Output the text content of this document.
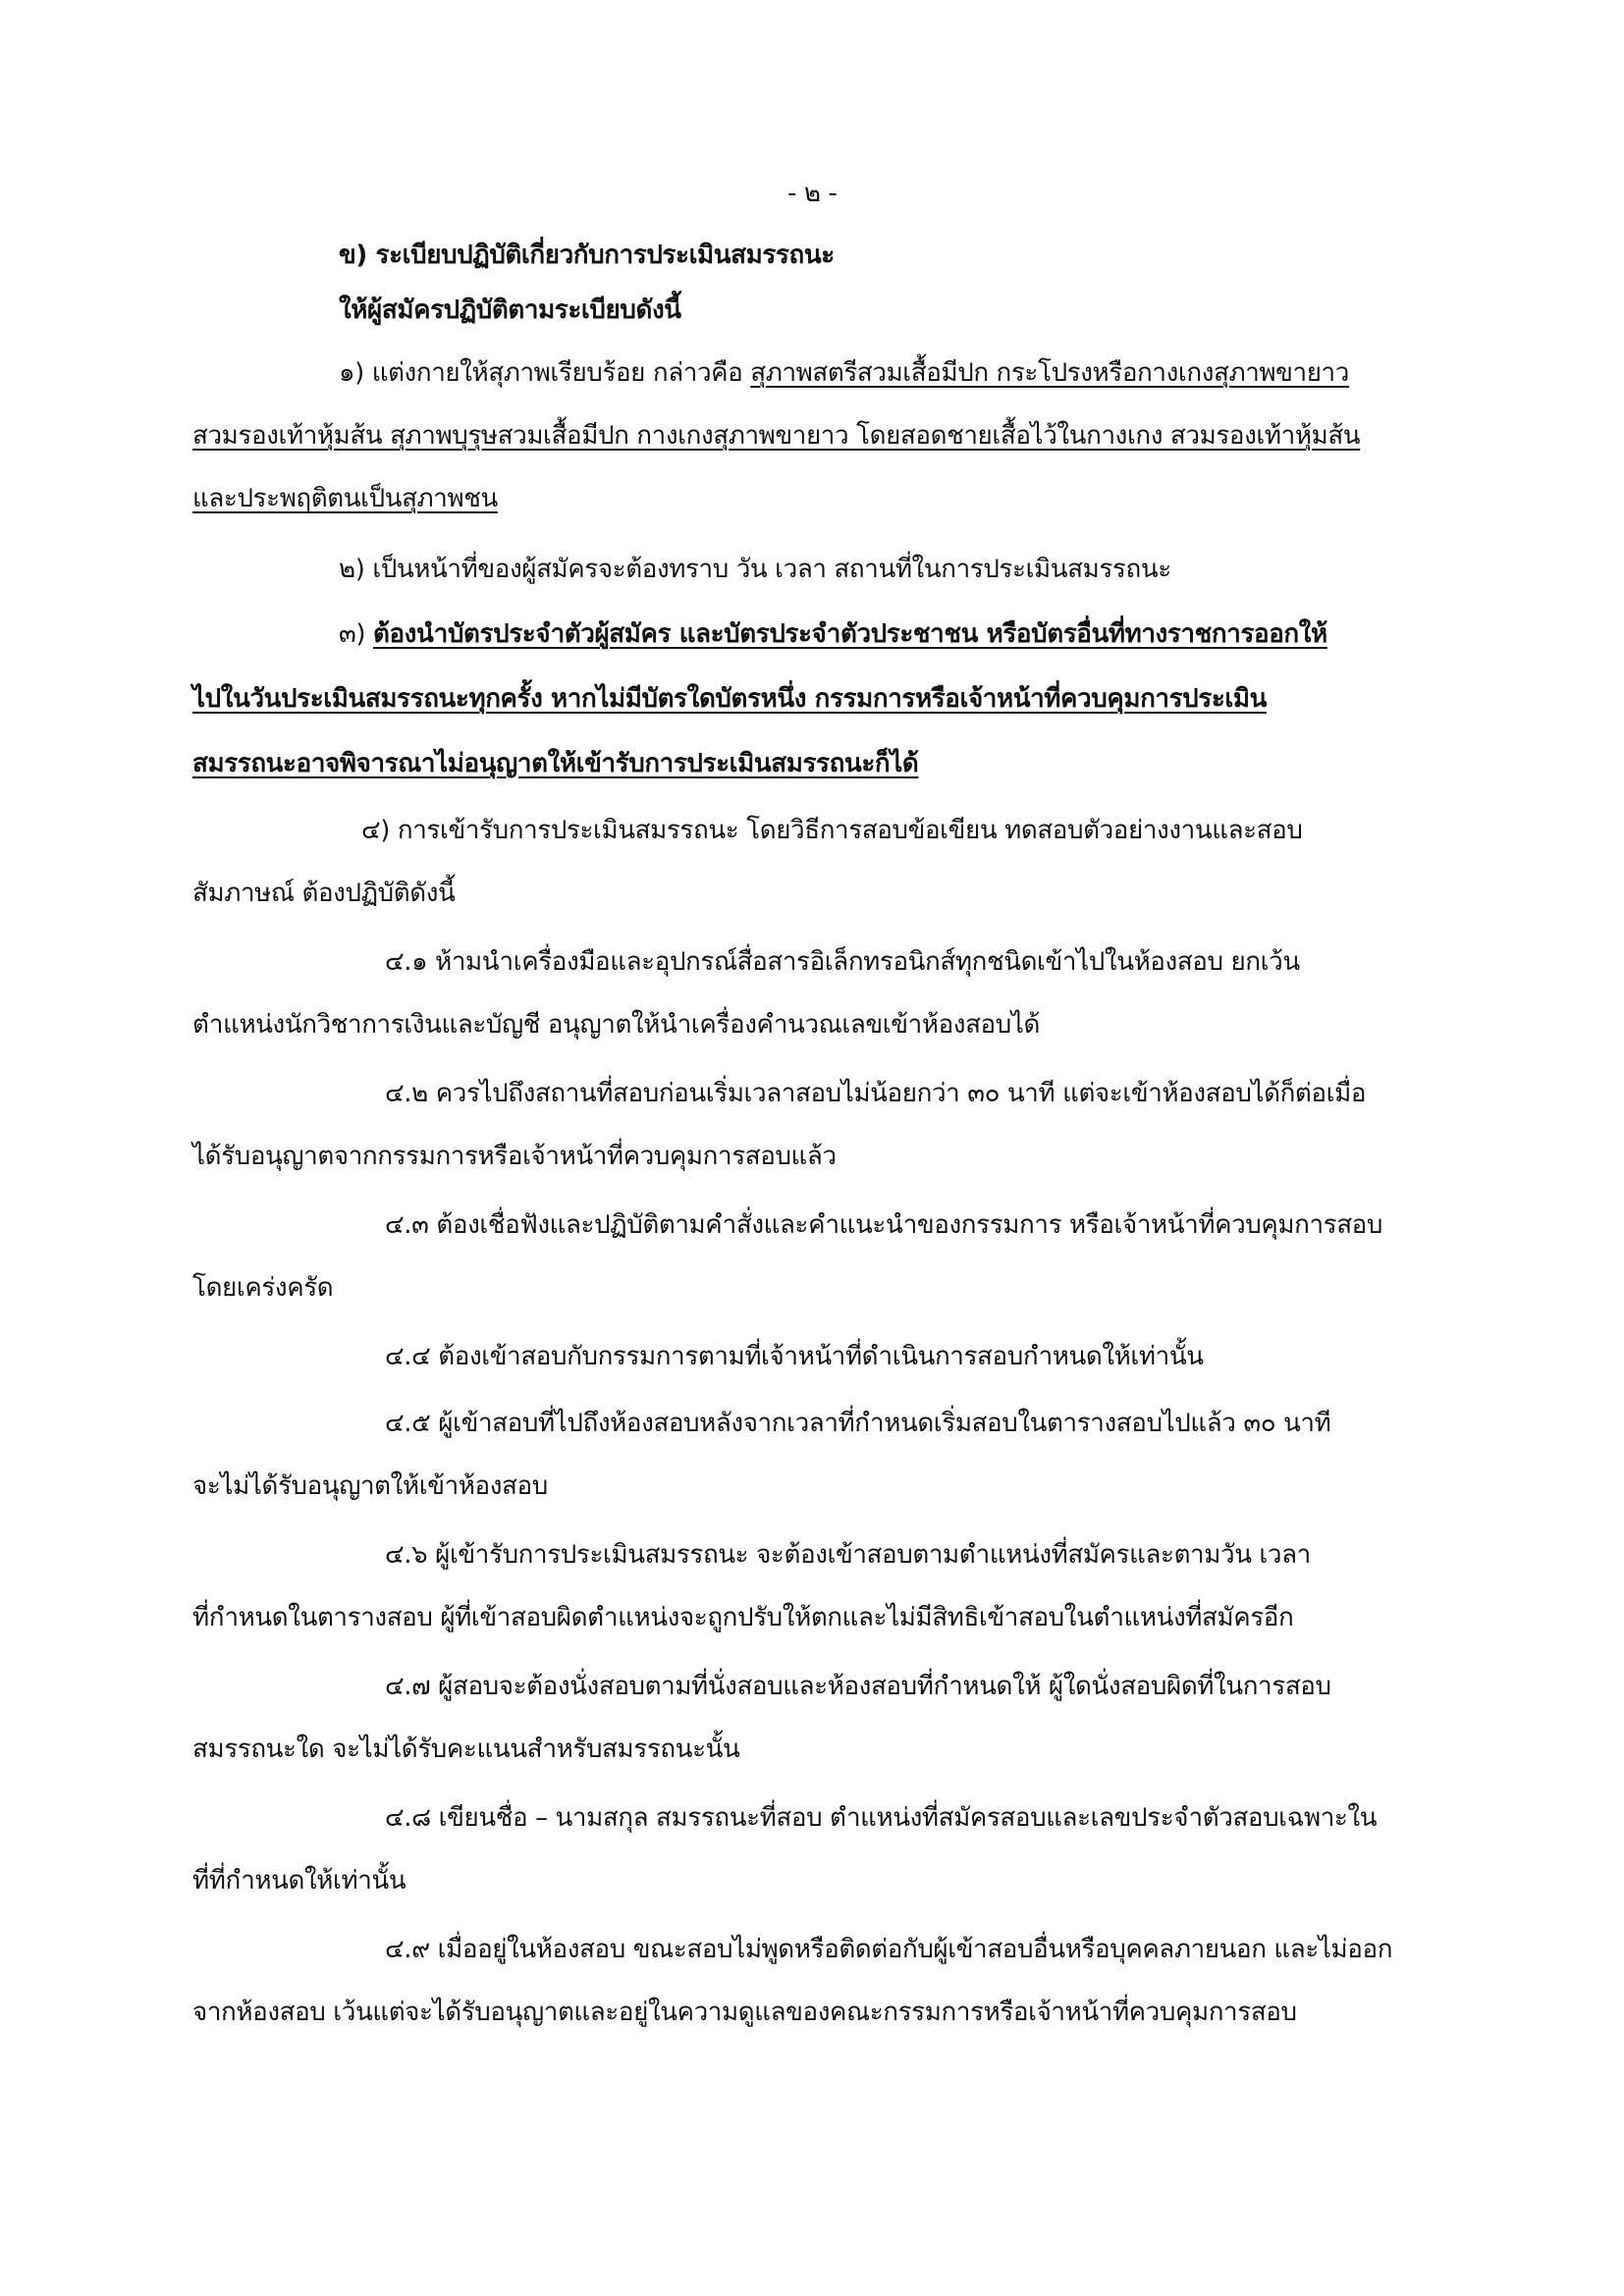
- ๒ -
ข) ระเบียบปฏิบัติเกี่ยวกับการประเมินสมรรถนะ
ให้ผู้สมัครปฏิบัติตามระเบียบดังนี้
๑) แต่งกายให้สุภาพเรียบร้อย กล่าวคือ สุภาพสตรีสวมเสื้อมีปก กระโปรงหรือกางเกงสุภาพขายาว
สวมรองเท้าหุ้มส้น สุภาพบุรุษสวมเสื้อมีปก กางเกงสุภาพขายาว โดยสอดชายเสื้อไว้ในกางเกง สวมรองเท้าหุ้มส้น
และประพฤติตนเป็นสุภาพชน
๒) เป็นหน้าที่ของผู้สมัครจะต้องทราบ วัน เวลา สถานที่ในการประเมินสมรรถนะ
๓) ต้องนำบัตรประจำตัวผู้สมัคร และบัตรประจำตัวประชาชน หรือบัตรอื่นที่ทางราชการออกให้
ไปในวันประเมินสมรรถนะทุกครั้ง หากไม่มีบัตรใดบัตรหนึ่ง กรรมการหรือเจ้าหน้าที่ควบคุมการประเมิน
สมรรถนะอาจพิจารณาไม่อนุญาตให้เข้ารับการประเมินสมรรถนะก็ได้
๔) การเข้ารับการประเมินสมรรถนะ โดยวิธีการสอบข้อเขียน ทดสอบตัวอย่างงานและสอบ
สัมภาษณ์ ต้องปฏิบัติดังนี้
๔.๑ ห้ามนำเครื่องมือและอุปกรณ์สื่อสารอิเล็กทรอนิกส์ทุกชนิดเข้าไปในห้องสอบ ยกเว้น
ตำแหน่งนักวิชาการเงินและบัญชี อนุญาตให้นำเครื่องคำนวณเลขเข้าห้องสอบได้
๔.๒ ควรไปถึงสถานที่สอบก่อนเริ่มเวลาสอบไม่น้อยกว่า ๓๐ นาที แต่จะเข้าห้องสอบได้ก็ต่อเมื่อ
ได้รับอนุญาตจากกรรมการหรือเจ้าหน้าที่ควบคุมการสอบแล้ว
๔.๓ ต้องเชื่อฟังและปฏิบัติตามคำสั่งและคำแนะนำของกรรมการ หรือเจ้าหน้าที่ควบคุมการสอบ
โดยเคร่งครัด
๔.๔ ต้องเข้าสอบกับกรรมการตามที่เจ้าหน้าที่ดำเนินการสอบกำหนดให้เท่านั้น
๔.๕ ผู้เข้าสอบที่ไปถึงห้องสอบหลังจากเวลาที่กำหนดเริ่มสอบในตารางสอบไปแล้ว ๓๐ นาที
จะไม่ได้รับอนุญาตให้เข้าห้องสอบ
๔.๖ ผู้เข้ารับการประเมินสมรรถนะ จะต้องเข้าสอบตามตำแหน่งที่สมัครและตามวัน เวลา
ที่กำหนดในตารางสอบ ผู้ที่เข้าสอบผิดตำแหน่งจะถูกปรับให้ตกและไม่มีสิทธิเข้าสอบในตำแหน่งที่สมัครอีก
๔.๗ ผู้สอบจะต้องนั่งสอบตามที่นั่งสอบและห้องสอบที่กำหนดให้ ผู้ใดนั่งสอบผิดที่ในการสอบ
สมรรถนะใด จะไม่ได้รับคะแนนสำหรับสมรรถนะนั้น
๔.๘ เขียนชื่อ – นามสกุล สมรรถนะที่สอบ ตำแหน่งที่สมัครสอบและเลขประจำตัวสอบเฉพาะใน
ที่ที่กำหนดให้เท่านั้น
๔.๙ เมื่ออยู่ในห้องสอบ ขณะสอบไม่พูดหรือติดต่อกับผู้เข้าสอบอื่นหรือบุคคลภายนอก และไม่ออก
จากห้องสอบ เว้นแต่จะได้รับอนุญาตและอยู่ในความดูแลของคณะกรรมการหรือเจ้าหน้าที่ควบคุมการสอบ
